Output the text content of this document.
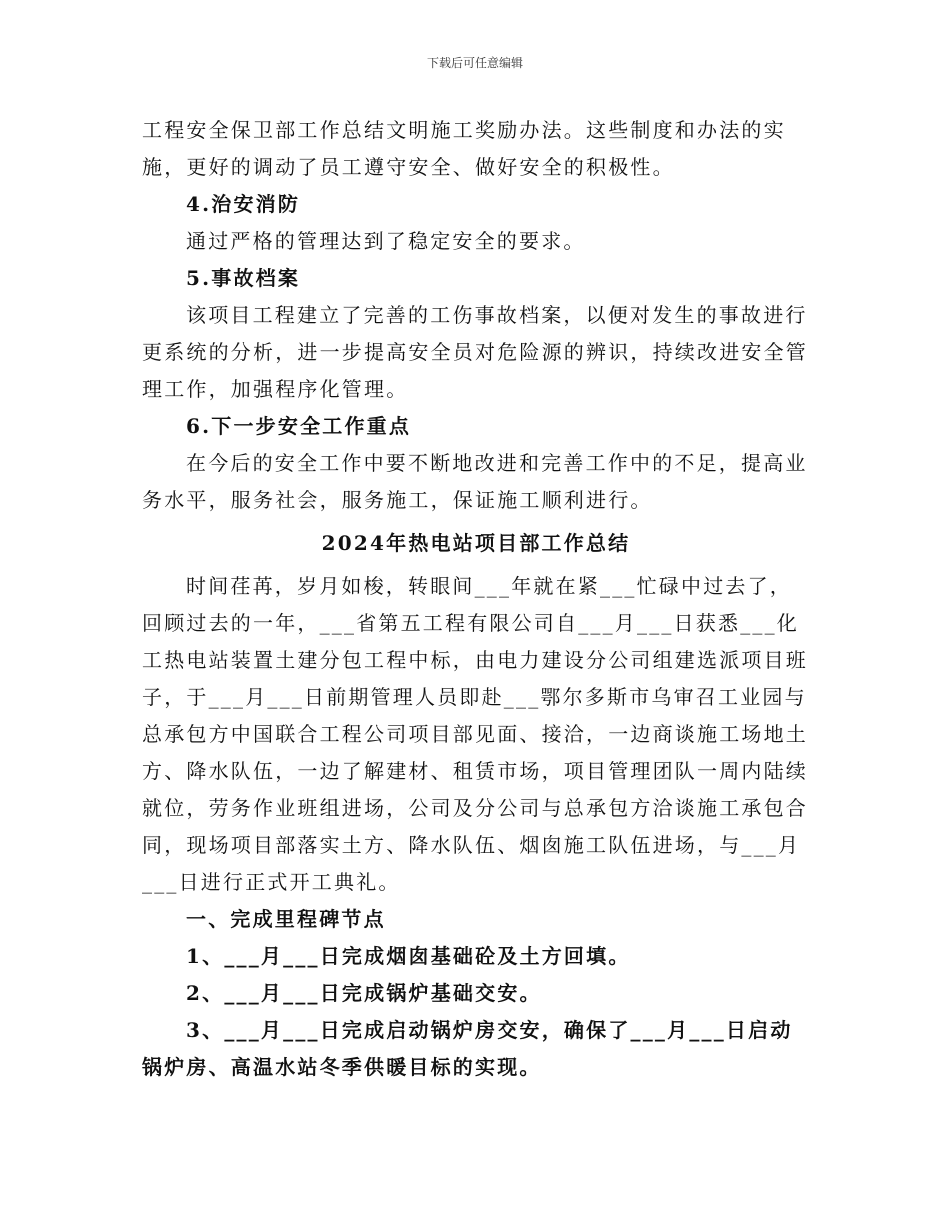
下载后可任意编辑

工程安全保卫部工作总结文明施工奖励办法。这些制度和办法的实施，更好的调动了员工遵守安全、做好安全的积极性。

4.治安消防

通过严格的管理达到了稳定安全的要求。

5.事故档案

该项目工程建立了完善的工伤事故档案，以便对发生的事故进行更系统的分析，进一步提高安全员对危险源的辨识，持续改进安全管理工作，加强程序化管理。

6.下一步安全工作重点

在今后的安全工作中要不断地改进和完善工作中的不足，提高业务水平，服务社会，服务施工，保证施工顺利进行。

2024年热电站项目部工作总结

时间荏苒，岁月如梭，转眼间___年就在紧___忙碌中过去了，回顾过去的一年，___省第五工程有限公司自___月___日获悉___化工热电站装置土建分包工程中标，由电力建设分公司组建选派项目班子，于___月___日前期管理人员即赴___鄂尔多斯市乌审召工业园与总承包方中国联合工程公司项目部见面、接洽，一边商谈施工场地土方、降水队伍，一边了解建材、租赁市场，项目管理团队一周内陆续就位，劳务作业班组进场，公司及分公司与总承包方洽谈施工承包合同，现场项目部落实土方、降水队伍、烟囱施工队伍进场，与___月___日进行正式开工典礼。

一、完成里程碑节点

1、___月___日完成烟囱基础砼及土方回填。

2、___月___日完成锅炉基础交安。

3、___月___日完成启动锅炉房交安，确保了___月___日启动锅炉房、高温水站冬季供暖目标的实现。
